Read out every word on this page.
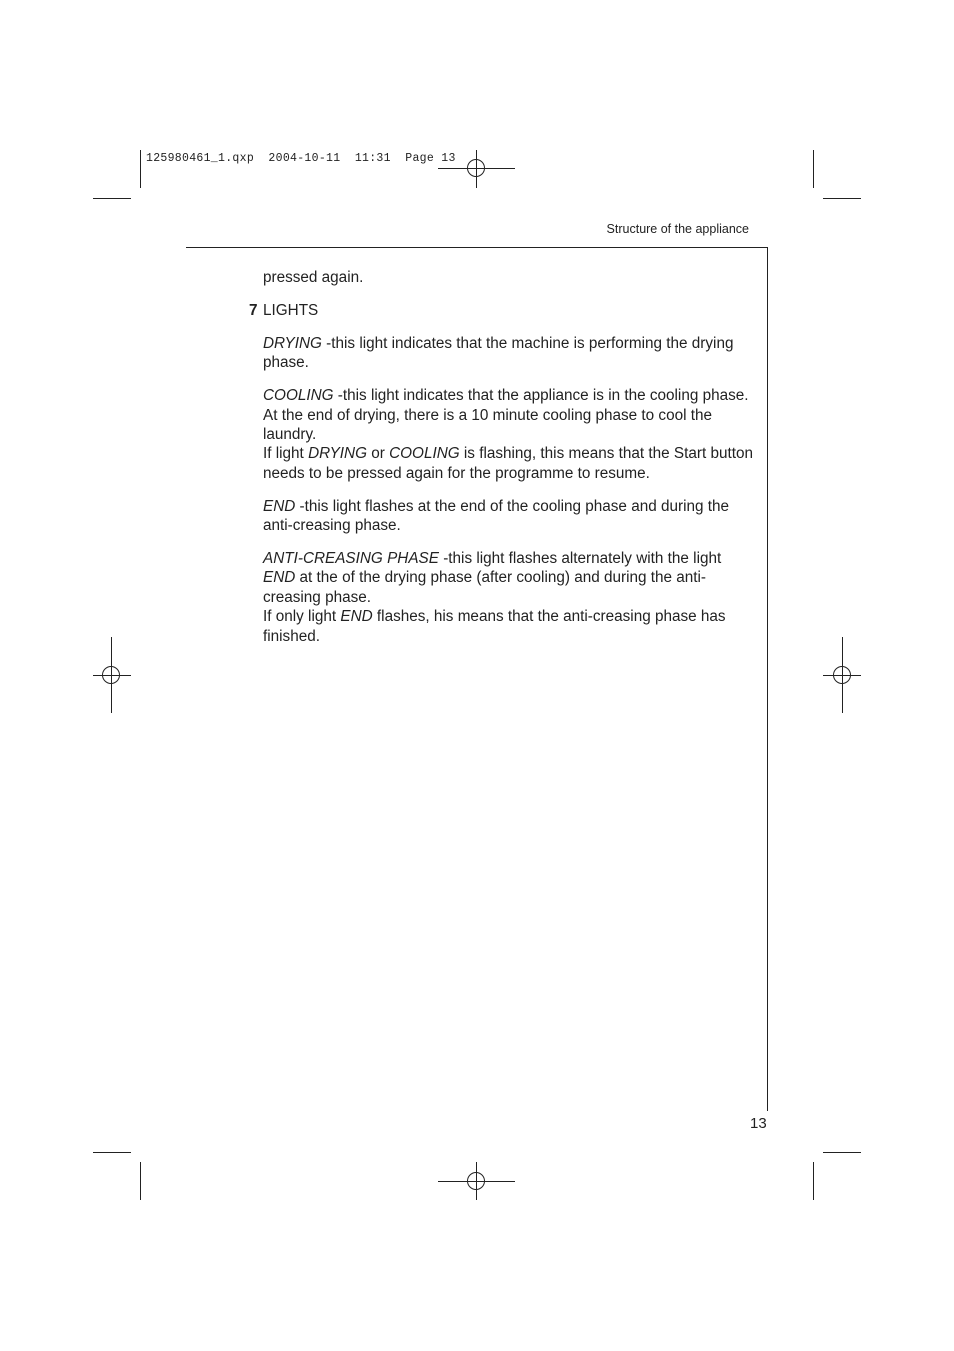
125980461_1.qxp  2004-10-11  11:31  Page 13
Structure of the appliance

pressed again.

7 LIGHTS

DRYING -this light indicates that the machine is performing the drying phase.

COOLING -this light indicates that the appliance is in the cooling phase. At the end of drying, there is a 10 minute cooling phase to cool the laundry.

If light DRYING or COOLING is flashing, this means that the Start button needs to be pressed again for the programme to resume.

END -this light flashes at the end of the cooling phase and during the anti-creasing phase.

ANTI-CREASING PHASE -this light flashes alternately with the light END at the of the drying phase (after cooling) and during the anti-creasing phase.

If only light END flashes, his means that the anti-creasing phase has finished.

13
